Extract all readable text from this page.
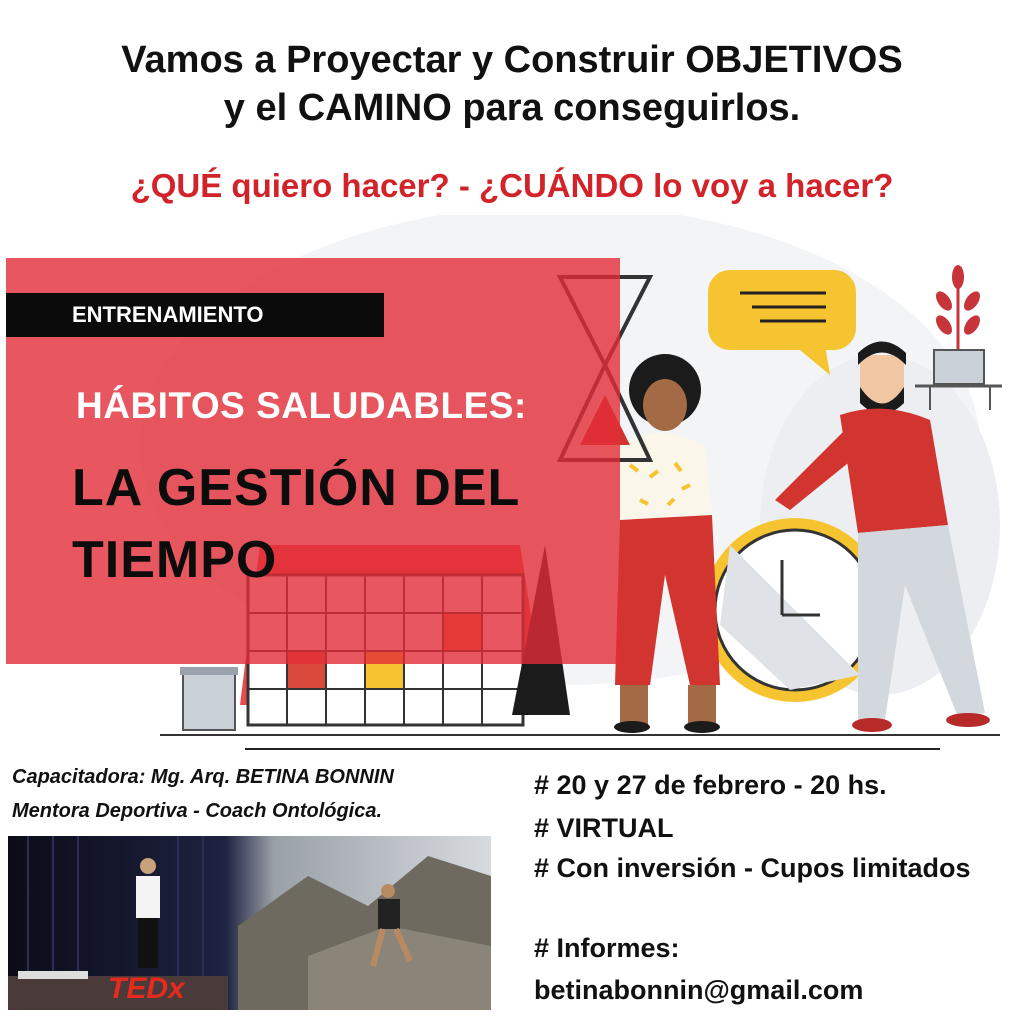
Vamos a Proyectar y Construir OBJETIVOS
y el CAMINO para conseguirlos.
¿QUÉ quiero hacer? - ¿CUÁNDO lo voy a hacer?
ENTRENAMIENTO
HÁBITOS SALUDABLES:
LA GESTIÓN DEL
TIEMPO
Capacitadora: Mg. Arq. BETINA BONNIN
Mentora Deportiva - Coach Ontológica.
TEDx
# 20 y 27 de febrero - 20 hs.
# VIRTUAL
# Con inversión - Cupos limitados
# Informes:
betinabonnin@gmail.com
